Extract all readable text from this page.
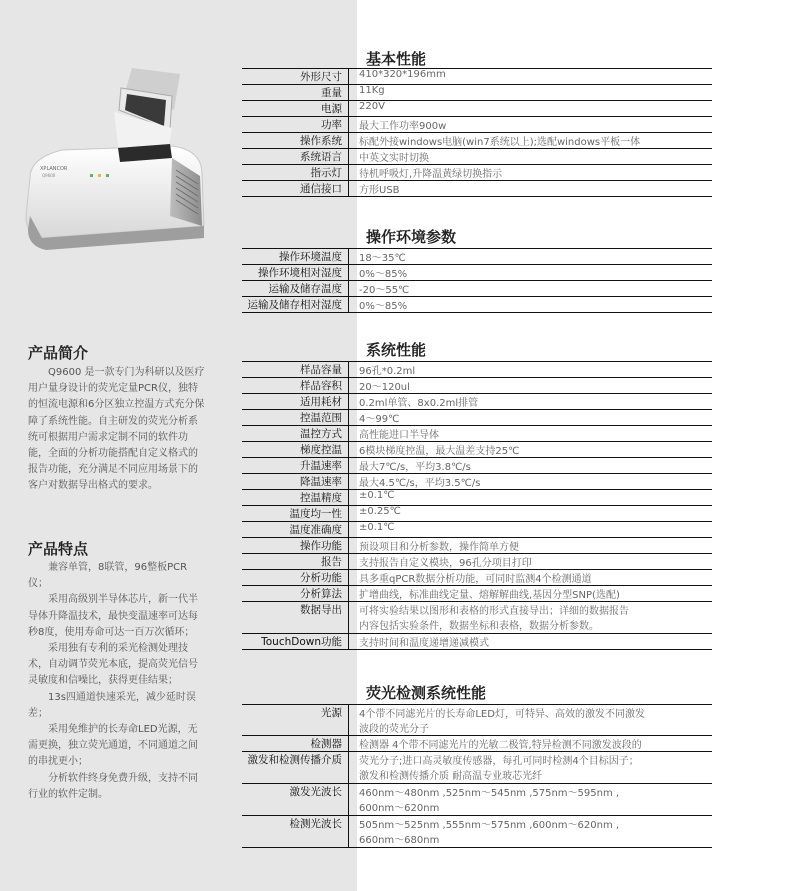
XPLANCOR
Q9600
产品简介

Q9600 是一款专门为科研以及医疗用户量身设计的荧光定量PCR仪，独特的恒流电源和6分区独立控温方式充分保障了系统性能。自主研发的荧光分析系统可根据用户需求定制不同的软件功能，全面的分析功能搭配自定义格式的报告功能，充分满足不同应用场景下的客户对数据导出格式的要求。

产品特点

兼容单管，8联管，96整板PCR仪；

采用高级别半导体芯片，新一代半导体升降温技术，最快变温速率可达每秒8度，使用寿命可达一百万次循环；

采用独有专利的采光检测处理技术，自动调节荧光本底，提高荧光信号灵敏度和信噪比，获得更佳结果；

13s四通道快速采光，减少延时误差；

采用免维护的长寿命LED光源，无需更换，独立荧光通道，不同通道之间的串扰更小；

分析软件终身免费升级，支持不同行业的软件定制。

基本性能
外形尺寸	410*320*196mm
重量	11Kg
电源	220V
功率	最大工作功率900w
操作系统	标配外接windows电脑(win7系统以上);选配windows平板一体
系统语言	中英文实时切换
指示灯	待机呼吸灯,升降温黄绿切换指示
通信接口	方形USB
操作环境参数
操作环境温度	18～35℃
操作环境相对湿度	0%～85%
运输及储存温度	-20～55℃
运输及储存相对湿度	0%～85%
系统性能
样品容量	96孔*0.2ml
样品容积	20～120ul
适用耗材	0.2ml单管、8x0.2ml排管
控温范围	4～99℃
温控方式	高性能进口半导体
梯度控温	6模块梯度控温，最大温差支持25℃
升温速率	最大7℃/s，平均3.8℃/s
降温速率	最大4.5℃/s，平均3.5℃/s
控温精度	±0.1℃
温度均一性	±0.25℃
温度准确度	±0.1℃
操作功能	预设项目和分析参数，操作简单方便
报告	支持报告自定义模块，96孔分项目打印
分析功能	具多重qPCR数据分析功能，可同时监测4个检测通道
分析算法	扩增曲线，标准曲线定量、熔解解曲线,基因分型SNP(选配)
数据导出	可将实验结果以图形和表格的形式直接导出；详细的数据报告
内容包括实验条件，数据坐标和表格，数据分析参数。
TouchDown功能	支持时间和温度递增递减模式
荧光检测系统性能
光源	4个带不同滤光片的长寿命LED灯，可特异、高效的激发不同激发
波段的荧光分子
检测器	检测器 4个带不同滤光片的光敏二极管,特异检测不同激发波段的
激发和检测传播介质	荧光分子;进口高灵敏度传感器，每孔可同时检测4个目标因子；
激发和检测传播介质 耐高温专业玻芯光纤
激发光波长	460nm～480nm ,525nm～545nm ,575nm～595nm ,
600nm～620nm
检测光波长	505nm～525nm ,555nm～575nm ,600nm～620nm ,
660nm～680nm
